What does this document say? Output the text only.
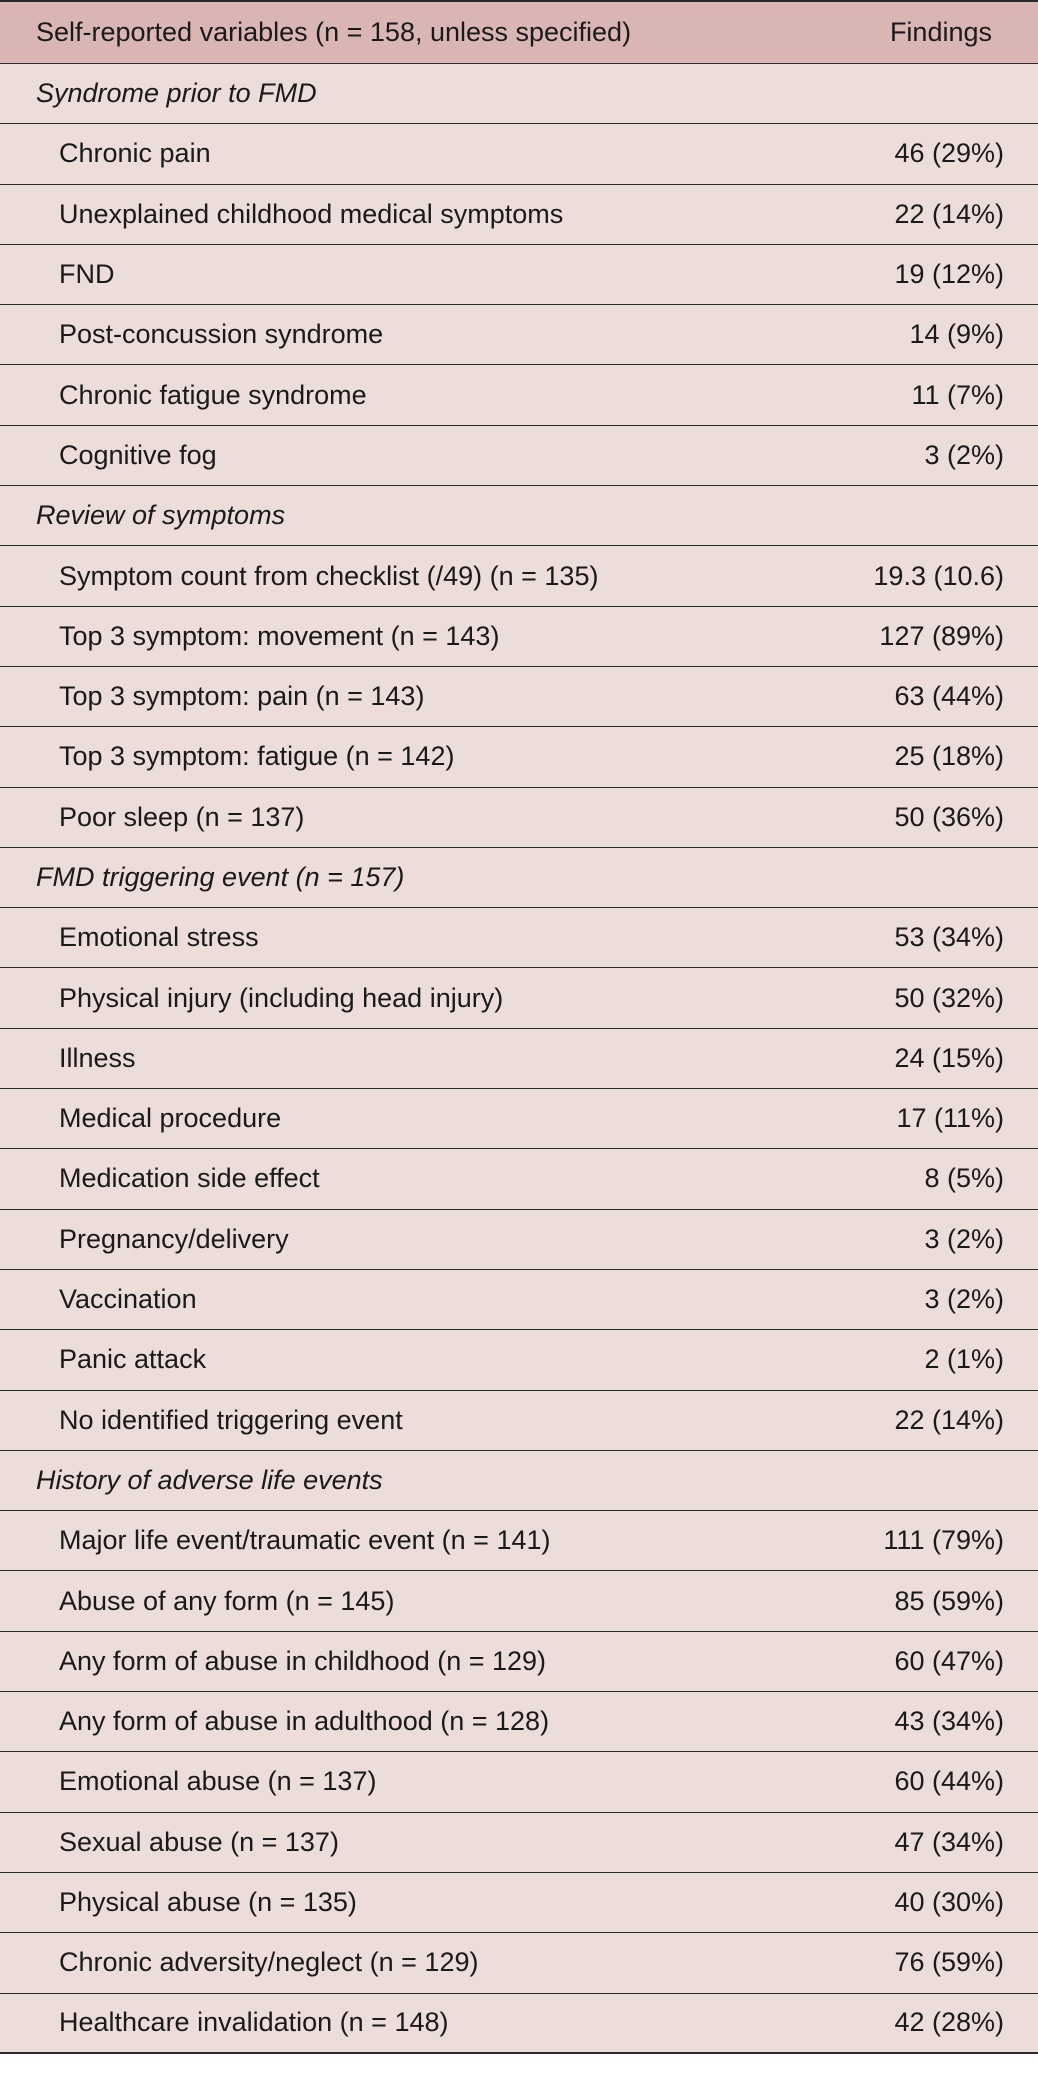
Self-reported variables (n = 158, unless specified)	Findings
Syndrome prior to FMD
Chronic pain	46 (29%)
Unexplained childhood medical symptoms	22 (14%)
FND	19 (12%)
Post-concussion syndrome	14 (9%)
Chronic fatigue syndrome	11 (7%)
Cognitive fog	3 (2%)
Review of symptoms
Symptom count from checklist (/49) (n = 135)	19.3 (10.6)
Top 3 symptom: movement (n = 143)	127 (89%)
Top 3 symptom: pain (n = 143)	63 (44%)
Top 3 symptom: fatigue (n = 142)	25 (18%)
Poor sleep (n = 137)	50 (36%)
FMD triggering event (n = 157)
Emotional stress	53 (34%)
Physical injury (including head injury)	50 (32%)
Illness	24 (15%)
Medical procedure	17 (11%)
Medication side effect	8 (5%)
Pregnancy/delivery	3 (2%)
Vaccination	3 (2%)
Panic attack	2 (1%)
No identified triggering event	22 (14%)
History of adverse life events
Major life event/traumatic event (n = 141)	111 (79%)
Abuse of any form (n = 145)	85 (59%)
Any form of abuse in childhood (n = 129)	60 (47%)
Any form of abuse in adulthood (n = 128)	43 (34%)
Emotional abuse (n = 137)	60 (44%)
Sexual abuse (n = 137)	47 (34%)
Physical abuse (n = 135)	40 (30%)
Chronic adversity/neglect (n = 129)	76 (59%)
Healthcare invalidation (n = 148)	42 (28%)
